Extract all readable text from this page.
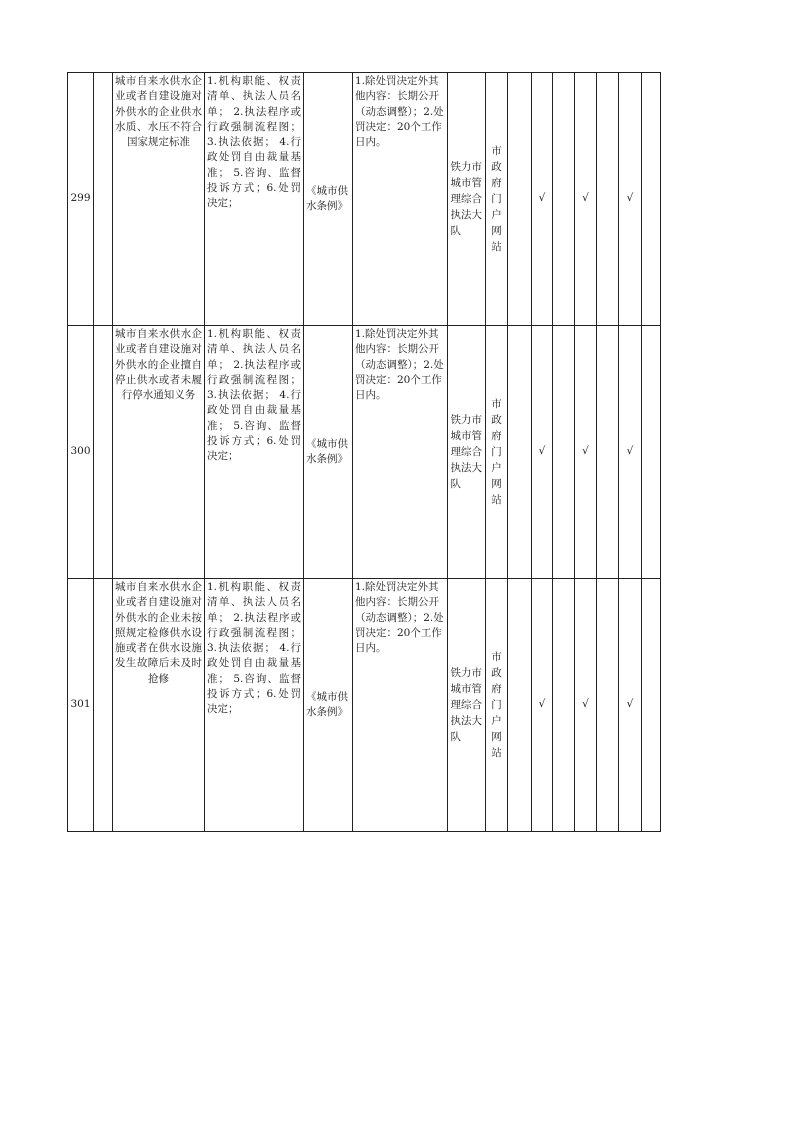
299		城市自来水供水企业或者自建设施对外供水的企业供水水质、水压不符合国家规定标准	1.机构职能、权责清单、执法人员名单； 2.执法程序或行政强制流程图； 3.执法依据； 4.行政处罚自由裁量基准； 5.咨询、监督投诉方式；6.处罚决定；	《城市供水条例》	1.除处罚决定外其他内容：长期公开（动态调整）；2.处罚决定：20个工作日内。	铁力市城市管理综合执法大队	市政府门户网站		√		√		√	
300		城市自来水供水企业或者自建设施对外供水的企业擅自停止供水或者未履行停水通知义务	1.机构职能、权责清单、执法人员名单； 2.执法程序或行政强制流程图； 3.执法依据； 4.行政处罚自由裁量基准； 5.咨询、监督投诉方式；6.处罚决定；	《城市供水条例》	1.除处罚决定外其他内容：长期公开（动态调整）；2.处罚决定：20个工作日内。	铁力市城市管理综合执法大队	市政府门户网站		√		√		√	
301		城市自来水供水企业或者自建设施对外供水的企业未按照规定检修供水设施或者在供水设施发生故障后未及时抢修	1.机构职能、权责清单、执法人员名单； 2.执法程序或行政强制流程图； 3.执法依据； 4.行政处罚自由裁量基准； 5.咨询、监督投诉方式；6.处罚决定；	《城市供水条例》	1.除处罚决定外其他内容：长期公开（动态调整）；2.处罚决定：20个工作日内。	铁力市城市管理综合执法大队	市政府门户网站		√		√		√	
